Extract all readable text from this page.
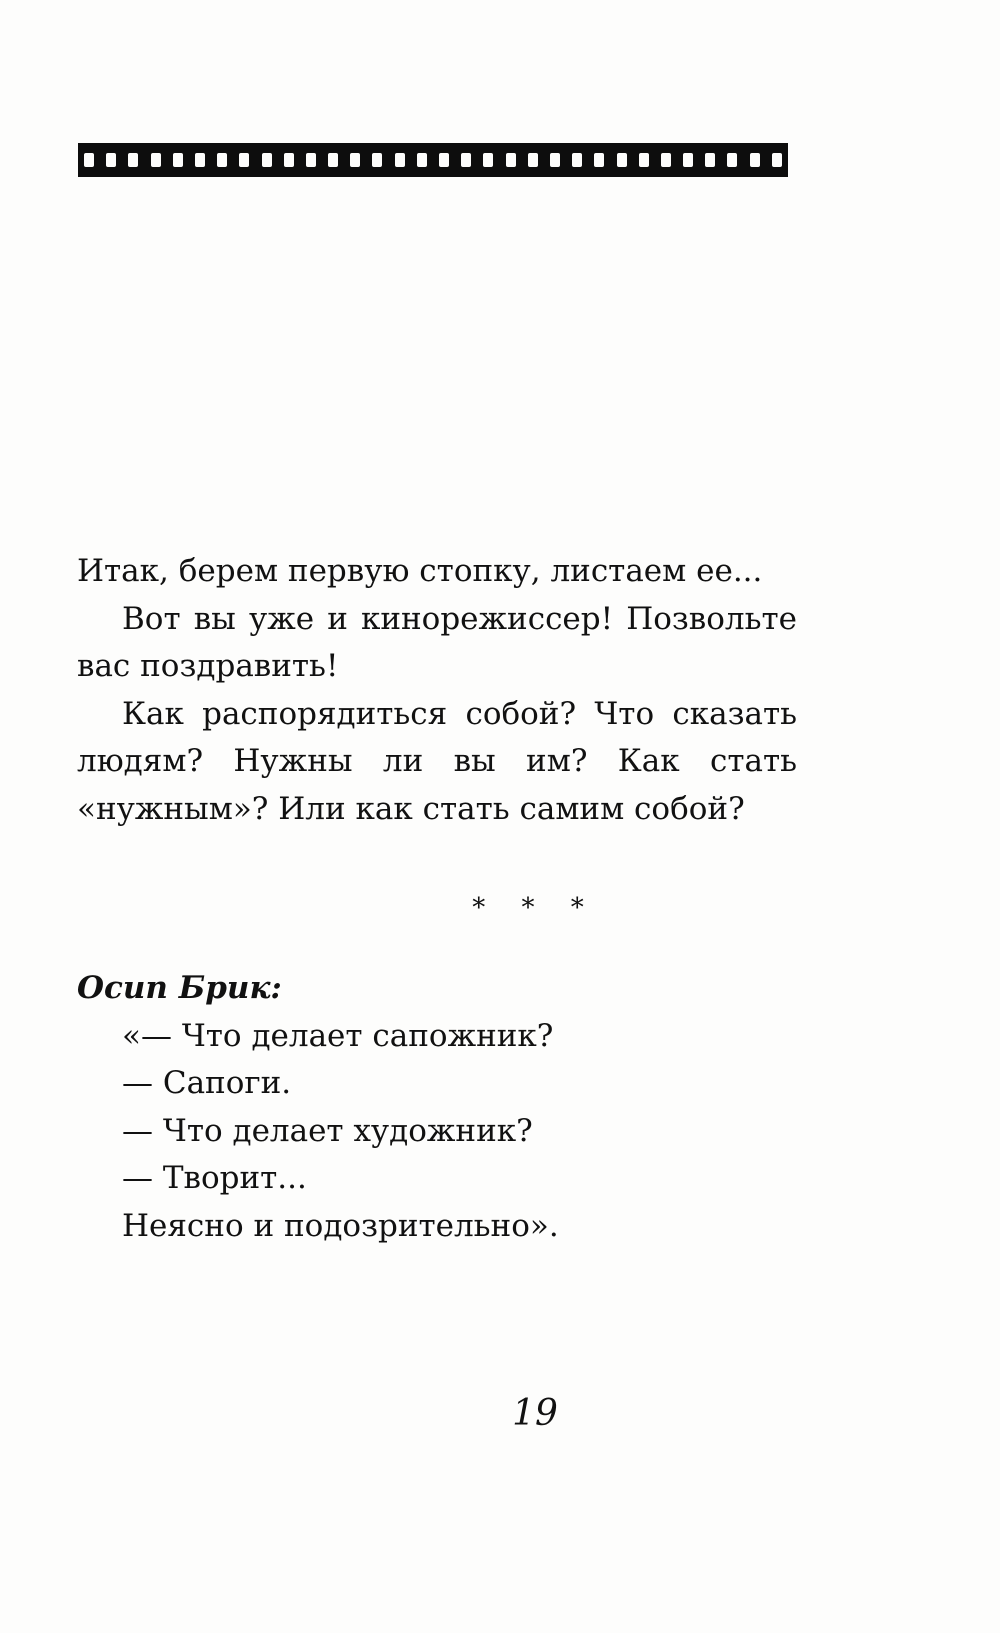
Итак, берем первую стопку, листаем ее...

Вот вы уже и кинорежиссер! Позвольте вас поздравить!

Как распорядиться собой? Что сказать людям? Нужны ли вы им? Как стать «нужным»? Или как стать самим собой?

* * *

Осип Брик:

«— Что делает сапожник?

— Сапоги.

— Что делает художник?

— Творит...

Неясно и подозрительно».

19
